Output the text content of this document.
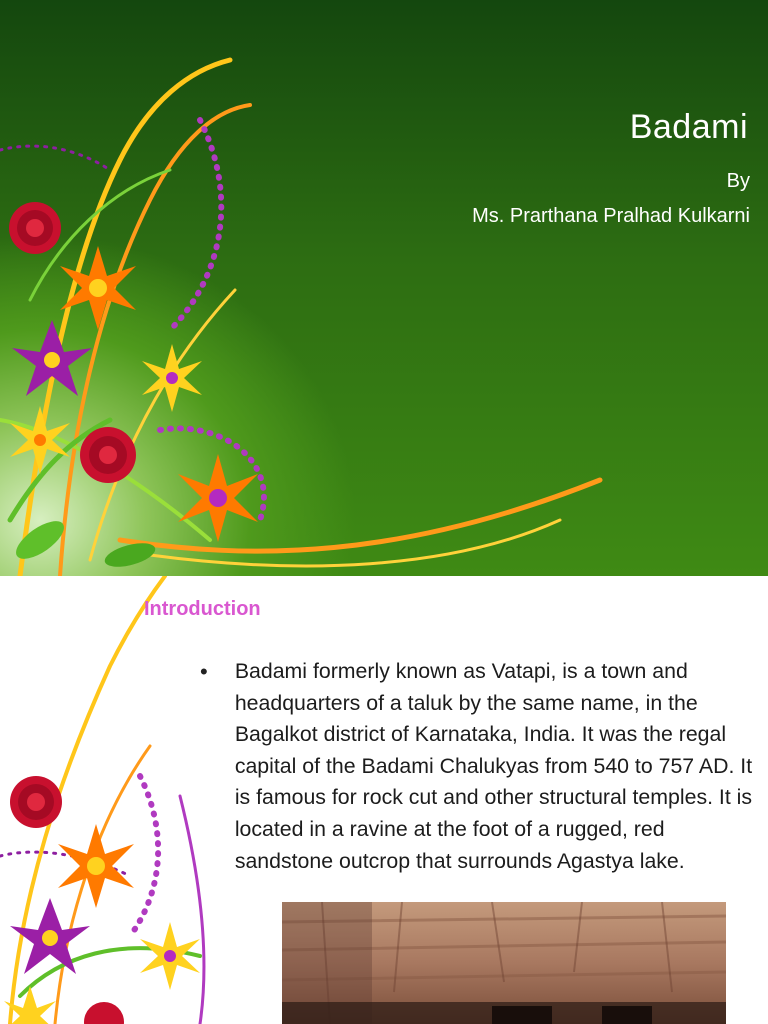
Badami

By

Ms. Prarthana Pralhad Kulkarni

Introduction
•	Badami formerly known as Vatapi, is a town and headquarters of a taluk by the same name, in the Bagalkot district of Karnataka, India. It was the regal capital of the Badami Chalukyas from 540 to 757 AD. It is famous for rock cut and other structural temples. It is located in a ravine at the foot of a rugged, red sandstone outcrop that surrounds Agastya lake.
